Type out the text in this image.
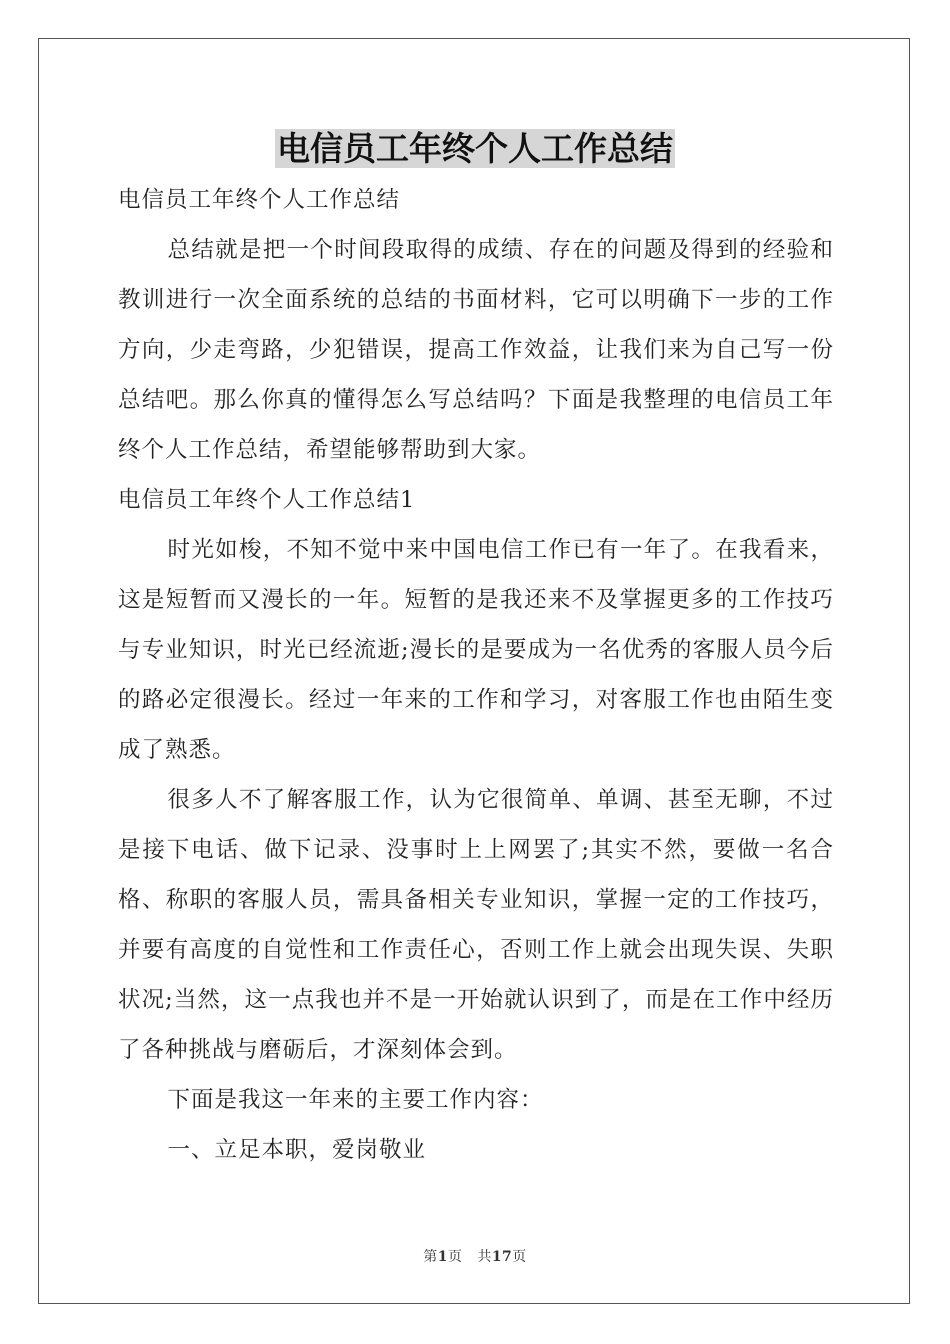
电信员工年终个人工作总结

电信员工年终个人工作总结

总结就是把一个时间段取得的成绩、存在的问题及得到的经验和教训进行一次全面系统的总结的书面材料，它可以明确下一步的工作方向，少走弯路，少犯错误，提高工作效益，让我们来为自己写一份总结吧。那么你真的懂得怎么写总结吗？下面是我整理的电信员工年终个人工作总结，希望能够帮助到大家。

电信员工年终个人工作总结1

时光如梭，不知不觉中来中国电信工作已有一年了。在我看来，这是短暂而又漫长的一年。短暂的是我还来不及掌握更多的工作技巧与专业知识，时光已经流逝;漫长的是要成为一名优秀的客服人员今后的路必定很漫长。经过一年来的工作和学习，对客服工作也由陌生变成了熟悉。

很多人不了解客服工作，认为它很简单、单调、甚至无聊，不过是接下电话、做下记录、没事时上上网罢了;其实不然，要做一名合格、称职的客服人员，需具备相关专业知识，掌握一定的工作技巧，并要有高度的自觉性和工作责任心，否则工作上就会出现失误、失职状况;当然，这一点我也并不是一开始就认识到了，而是在工作中经历了各种挑战与磨砺后，才深刻体会到。

下面是我这一年来的主要工作内容：

一、立足本职，爱岗敬业

第1页 共17页
